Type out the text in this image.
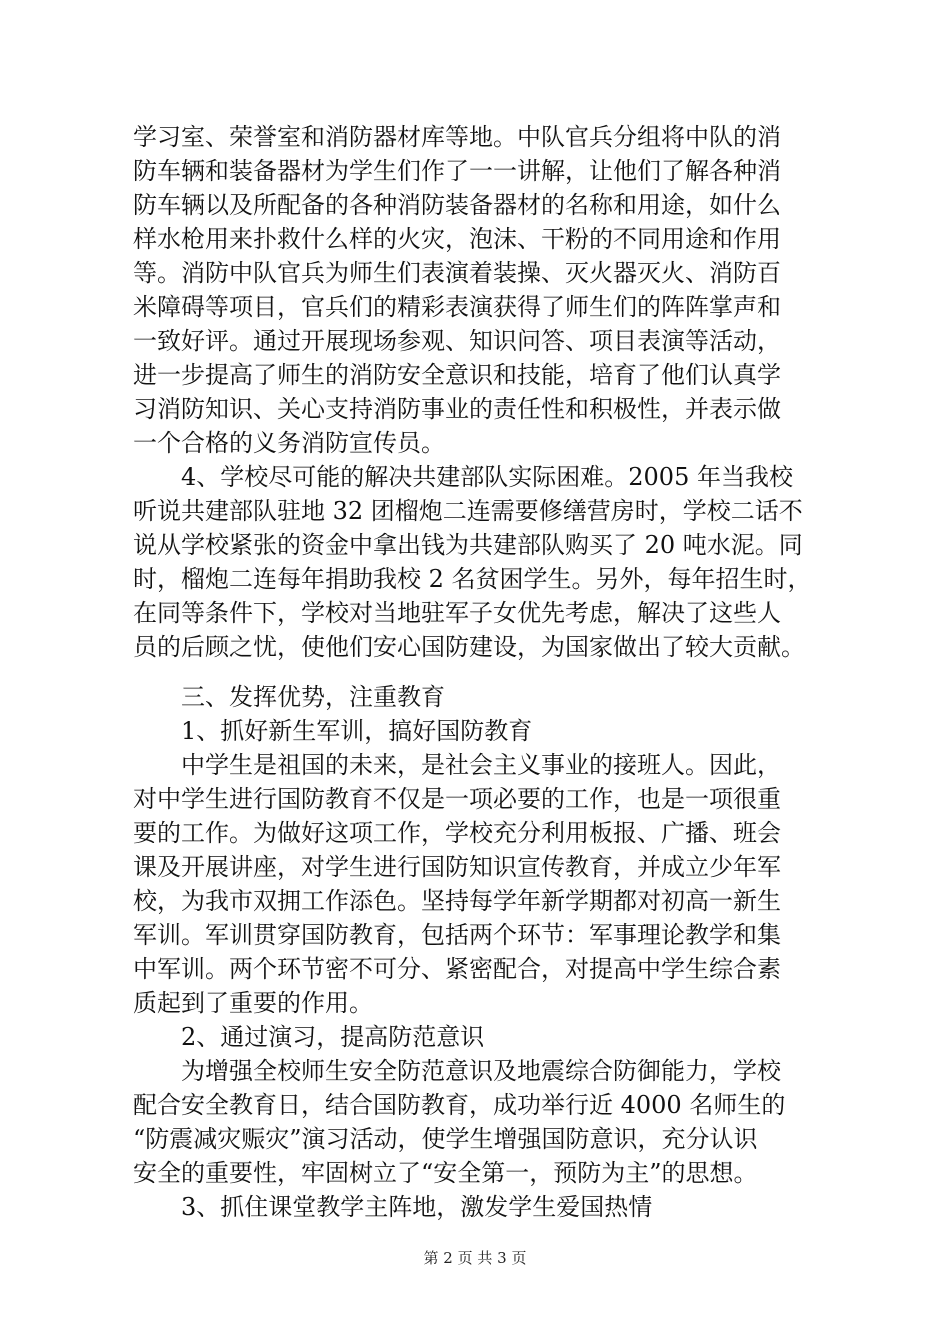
学习室、荣誉室和消防器材库等地。中队官兵分组将中队的消
防车辆和装备器材为学生们作了一一讲解，让他们了解各种消
防车辆以及所配备的各种消防装备器材的名称和用途，如什么
样水枪用来扑救什么样的火灾，泡沫、干粉的不同用途和作用
等。消防中队官兵为师生们表演着装操、灭火器灭火、消防百
米障碍等项目，官兵们的精彩表演获得了师生们的阵阵掌声和
一致好评。通过开展现场参观、知识问答、项目表演等活动，
进一步提高了师生的消防安全意识和技能，培育了他们认真学
习消防知识、关心支持消防事业的责任性和积极性，并表示做
一个合格的义务消防宣传员。
4、学校尽可能的解决共建部队实际困难。2005 年当我校
听说共建部队驻地 32 团榴炮二连需要修缮营房时，学校二话不
说从学校紧张的资金中拿出钱为共建部队购买了 20 吨水泥。同
时，榴炮二连每年捐助我校 2 名贫困学生。另外，每年招生时，
在同等条件下，学校对当地驻军子女优先考虑，解决了这些人
员的后顾之忧，使他们安心国防建设，为国家做出了较大贡献。
三、发挥优势，注重教育
1、抓好新生军训，搞好国防教育
中学生是祖国的未来，是社会主义事业的接班人。因此，
对中学生进行国防教育不仅是一项必要的工作，也是一项很重
要的工作。为做好这项工作，学校充分利用板报、广播、班会
课及开展讲座，对学生进行国防知识宣传教育，并成立少年军
校，为我市双拥工作添色。坚持每学年新学期都对初高一新生
军训。军训贯穿国防教育，包括两个环节：军事理论教学和集
中军训。两个环节密不可分、紧密配合，对提高中学生综合素
质起到了重要的作用。
2、通过演习，提高防范意识
为增强全校师生安全防范意识及地震综合防御能力，学校
配合安全教育日，结合国防教育，成功举行近 4000 名师生的
“防震减灾赈灾”演习活动，使学生增强国防意识，充分认识
安全的重要性，牢固树立了“安全第一，预防为主”的思想。
第 2 页 共 3 页
3、抓住课堂教学主阵地，激发学生爱国热情
